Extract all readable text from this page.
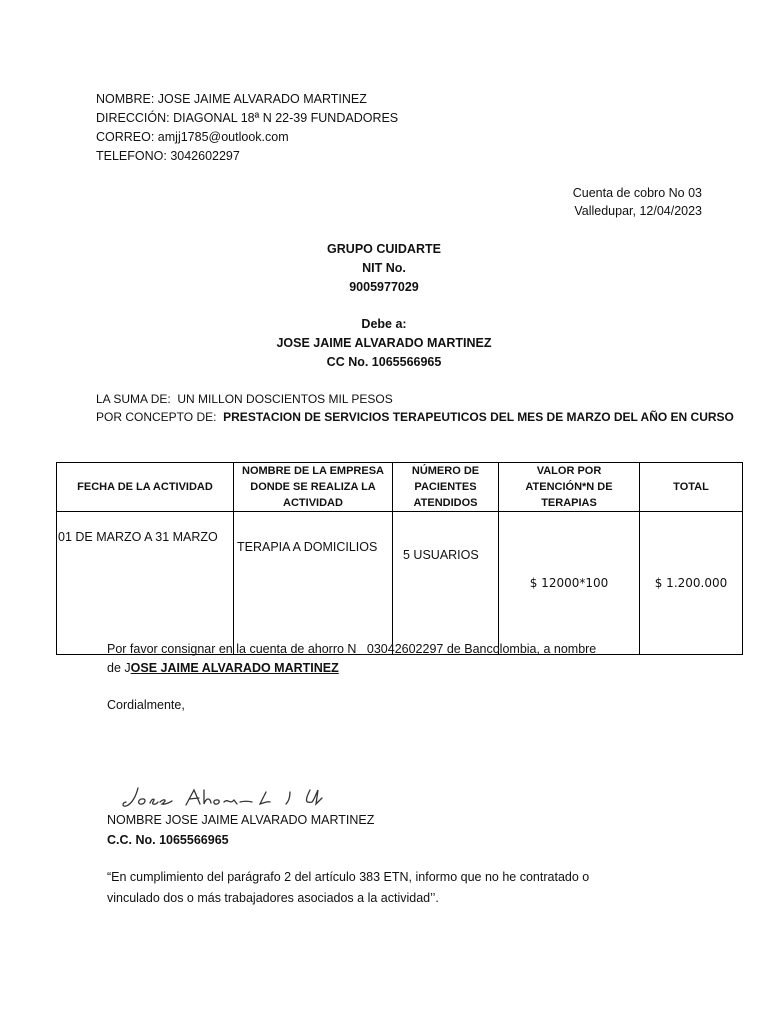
NOMBRE: JOSE JAIME ALVARADO MARTINEZ
DIRECCIÓN: DIAGONAL 18ª N 22-39 FUNDADORES
CORREO: amjj1785@outlook.com
TELEFONO: 3042602297
Cuenta de cobro No 03
Valledupar, 12/04/2023
GRUPO CUIDARTE
NIT No.
9005977029
Debe a:
JOSE JAIME ALVARADO MARTINEZ
CC No. 1065566965
LA SUMA DE: UN MILLON DOSCIENTOS MIL PESOS
POR CONCEPTO DE: PRESTACION DE SERVICIOS TERAPEUTICOS DEL MES DE MARZO DEL AÑO EN CURSO
FECHA DE LA ACTIVIDAD	NOMBRE DE LA EMPRESA DONDE SE REALIZA LA ACTIVIDAD	NÚMERO DE PACIENTES ATENDIDOS	VALOR POR ATENCIÓN*N DE TERAPIAS	TOTAL
01 DE MARZO A 31 MARZO	TERAPIA A DOMICILIOS	5 USUARIOS	$ 12000*100	$ 1.200.000
Por favor consignar en la cuenta de ahorro N 03042602297 de Bancolombia, a nombre
de JOSE JAIME ALVARADO MARTINEZ
Cordialmente,
NOMBRE JOSE JAIME ALVARADO MARTINEZ
C.C. No. 1065566965
“En cumplimiento del parágrafo 2 del artículo 383 ETN, informo que no he contratado o
vinculado dos o más trabajadores asociados a la actividad’’.
